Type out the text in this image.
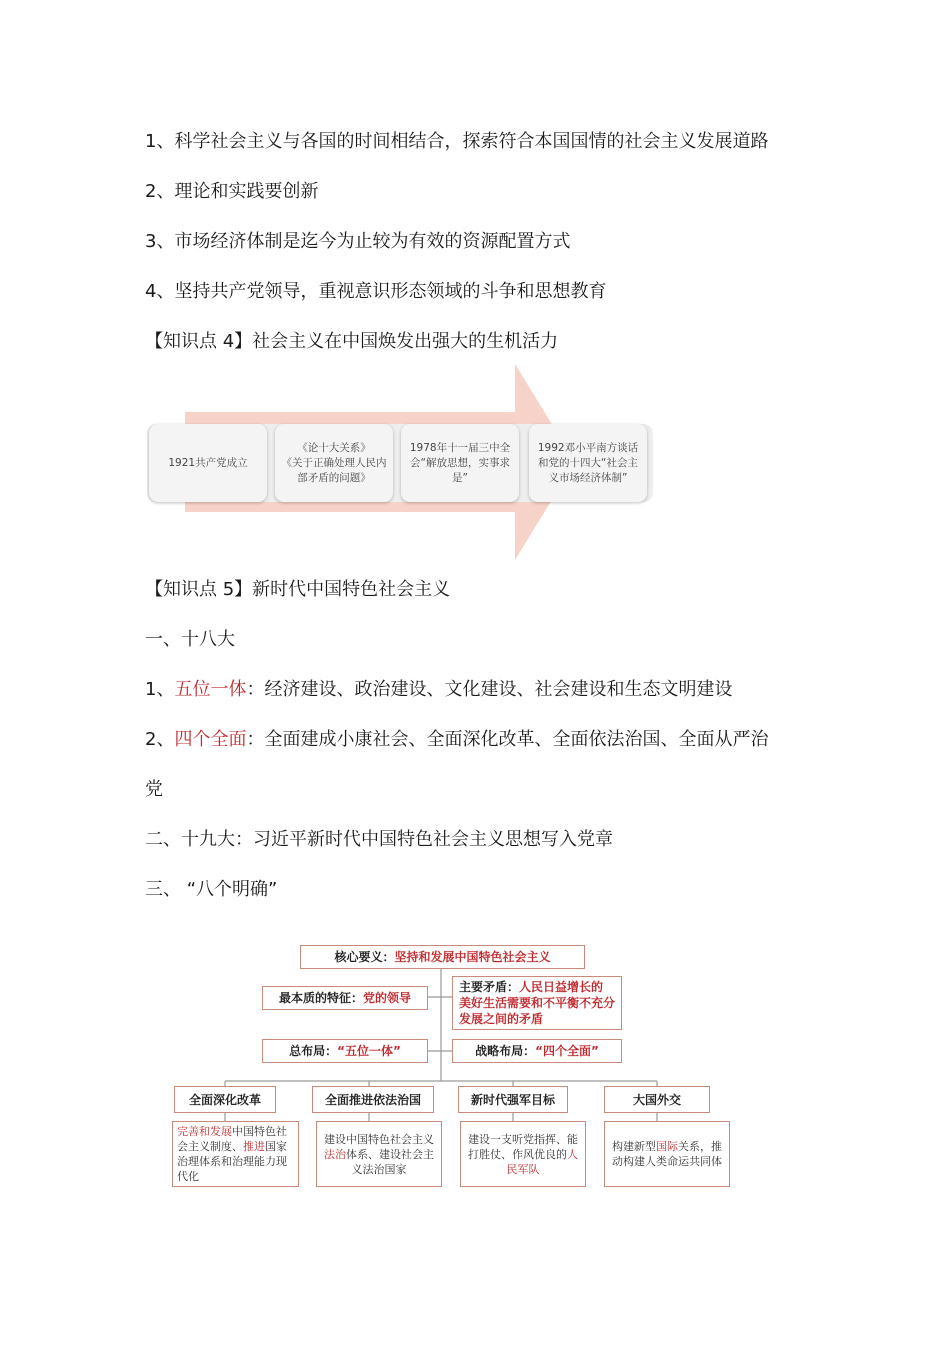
1、科学社会主义与各国的时间相结合，探索符合本国国情的社会主义发展道路
2、理论和实践要创新
3、市场经济体制是迄今为止较为有效的资源配置方式
4、坚持共产党领导，重视意识形态领域的斗争和思想教育
【知识点 4】社会主义在中国焕发出强大的生机活力
1921共产党成立
《论十大关系》
《关于正确处理人民内部矛盾的问题》
1978年十一届三中全会“解放思想，实事求是”
1992邓小平南方谈话和党的十四大“社会主义市场经济体制”
【知识点 5】新时代中国特色社会主义
一、十八大
1、五位一体：经济建设、政治建设、文化建设、社会建设和生态文明建设
2、四个全面：全面建成小康社会、全面深化改革、全面依法治国、全面从严治
党
二、十九大：习近平新时代中国特色社会主义思想写入党章
三、 “八个明确”
核心要义： 坚持和发展中国特色社会主义
最本质的特征： 党的领导
主要矛盾：人民日益增长的美好生活需要和不平衡不充分发展之间的矛盾
总布局： “五位一体”	战略布局： “四个全面”
全面深化改革
完善和发展中国特色社会主义制度、推进国家治理体系和治理能力现代化
全面推进依法治国
建设中国特色社会主义法治体系、建设社会主义法治国家
新时代强军目标
建设一支听党指挥、能打胜仗、作风优良的人民军队
大国外交
构建新型国际关系，推动构建人类命运共同体
